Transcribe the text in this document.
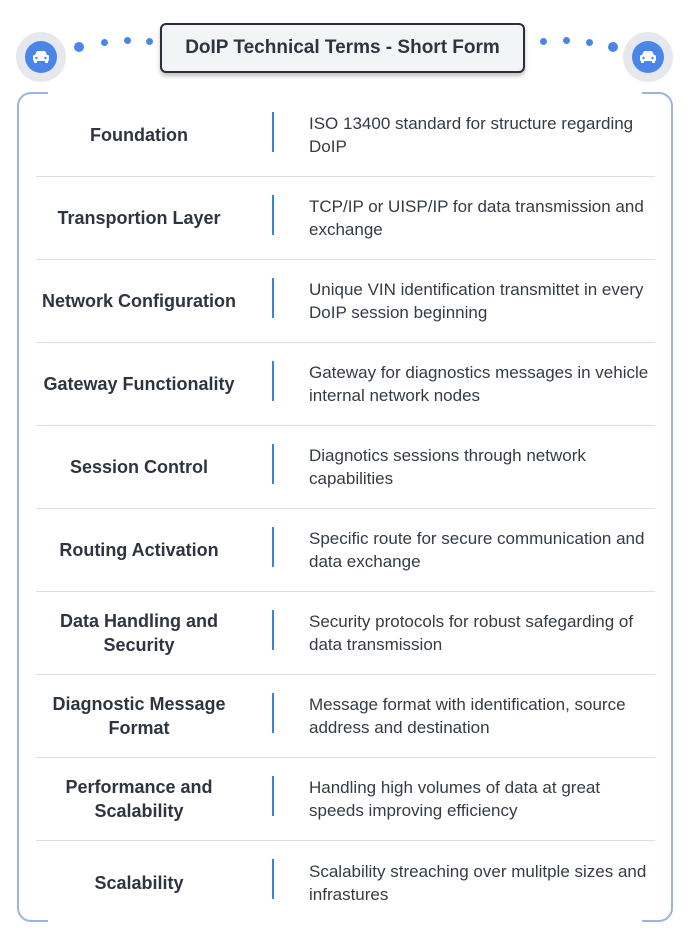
DoIP Technical Terms - Short Form
Foundation
ISO 13400 standard for structure regarding DoIP
Transportion Layer
TCP/IP or UISP/IP for data transmission and exchange
Network Configuration
Unique VIN identification transmittet in every DoIP session beginning
Gateway Functionality
Gateway for diagnostics messages in vehicle internal network nodes
Session Control
Diagnotics sessions through network capabilities
Routing Activation
Specific route for secure communication and data exchange
Data Handling and Security
Security protocols for robust safegarding of data transmission
Diagnostic Message Format
Message format with identification, source address and destination
Performance and Scalability
Handling high volumes of data at great speeds improving efficiency
Scalability
Scalability streaching over mulitple sizes and infrastures
